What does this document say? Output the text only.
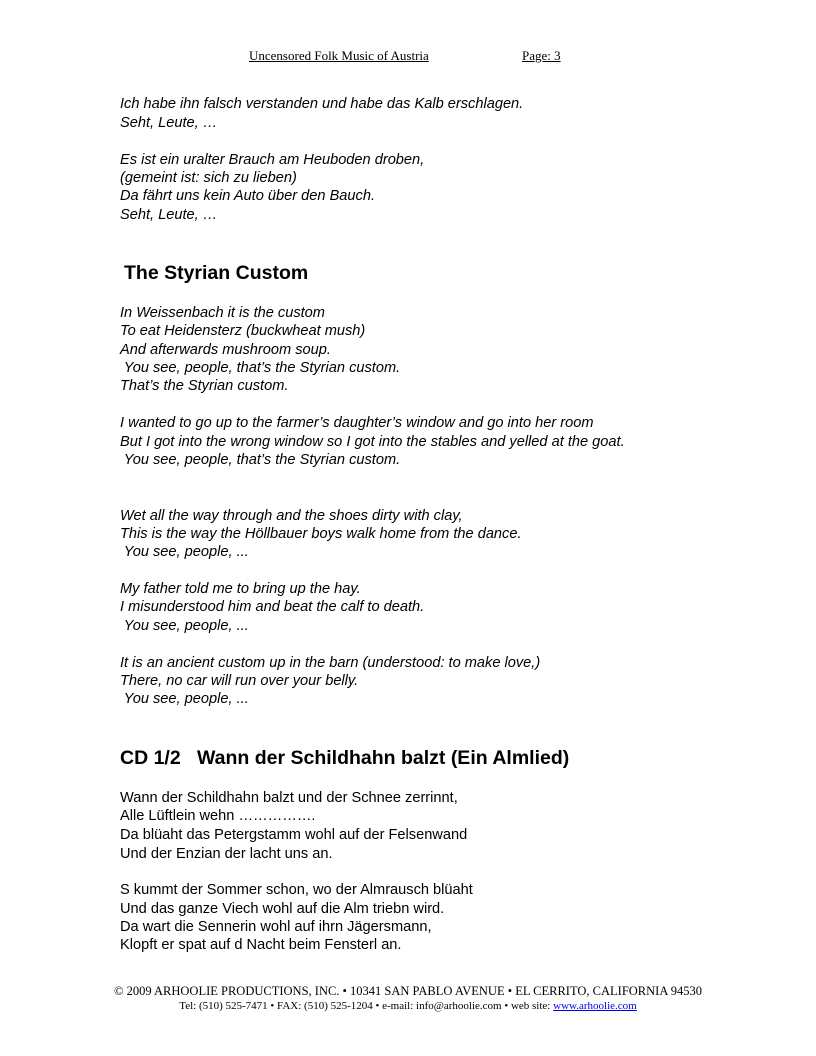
Uncensored Folk Music of Austria	Page: 3

Ich habe ihn falsch verstanden und habe das Kalb erschlagen.

Seht, Leute, …

Es ist ein uralter Brauch am Heuboden droben,

(gemeint ist: sich zu lieben)

Da fährt uns kein Auto über den Bauch.

Seht, Leute, …

The Styrian Custom

In Weissenbach it is the custom

To eat Heidensterz (buckwheat mush)

And afterwards mushroom soup.

You see, people, that’s the Styrian custom.

That’s the Styrian custom.

I wanted to go up to the farmer’s daughter’s window and go into her room

But I got into the wrong window so I got into the stables and yelled at the goat.

You see, people, that’s the Styrian custom.

Wet all the way through and the shoes dirty with clay,

This is the way the Höllbauer boys walk home from the dance.

You see, people, ...

My father told me to bring up the hay.

I misunderstood him and beat the calf to death.

You see, people, ...

It is an ancient custom up in the barn (understood: to make love,)

There, no car will run over your belly.

You see, people, ...

CD 1/2   Wann der Schildhahn balzt (Ein Almlied)

Wann der Schildhahn balzt und der Schnee zerrinnt,

Alle Lüftlein wehn …………….

Da blüaht das Petergstamm wohl auf der Felsenwand

Und der Enzian der lacht uns an.

S kummt der Sommer schon, wo der Almrausch blüaht

Und das ganze Viech wohl auf die Alm triebn wird.

Da wart die Sennerin wohl auf ihrn Jägersmann,

Klopft er spat auf d Nacht beim Fensterl an.

© 2009 ARHOOLIE PRODUCTIONS, INC. • 10341 SAN PABLO AVENUE • EL CERRITO, CALIFORNIA 94530
Tel: (510) 525-7471 • FAX: (510) 525-1204 • e-mail: info@arhoolie.com • web site: www.arhoolie.com
